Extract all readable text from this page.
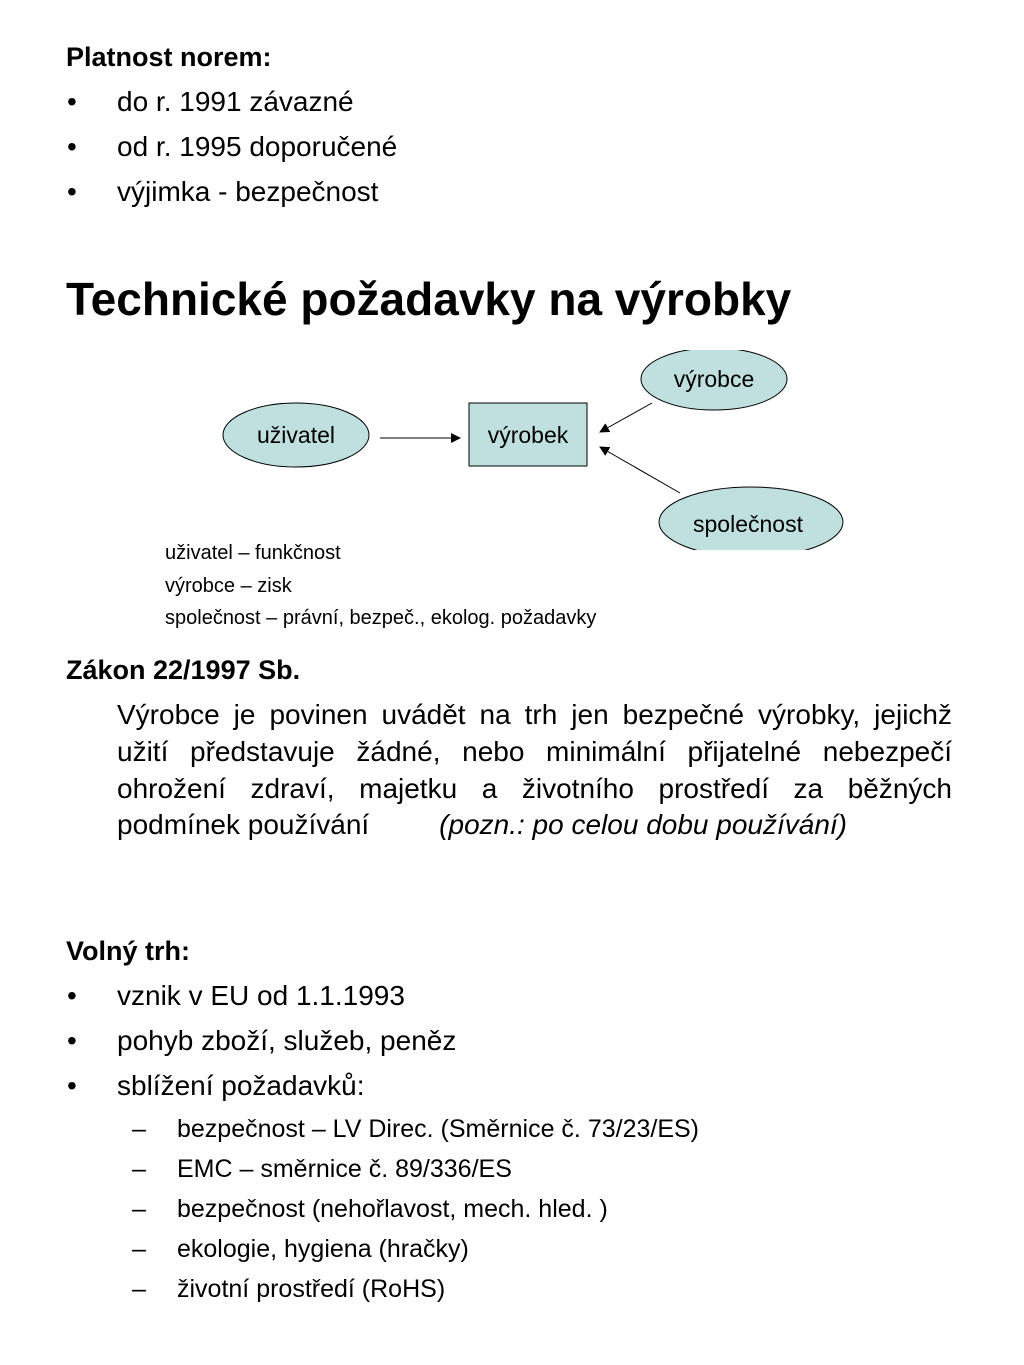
Platnost norem:
• do r. 1991 závazné
• od r. 1995 doporučené
• výjimka - bezpečnost
Technické požadavky na výrobky
uživatel	výrobek
výrobce
společnost
uživatel – funkčnost
výrobce – zisk
společnost – právní, bezpeč., ekolog. požadavky
Zákon 22/1997 Sb.
Výrobce je povinen uvádět na trh jen bezpečné výrobky, jejichž užití představuje žádné, nebo minimální přijatelné nebezpečí ohrožení zdraví, majetku a životního prostředí za běžných podmínek používání	(pozn.: po celou dobu používání)
Volný trh:
• vznik v EU od 1.1.1993
• pohyb zboží, služeb, peněz
• sblížení požadavků:
– bezpečnost – LV Direc. (Směrnice č. 73/23/ES)
– EMC – směrnice č. 89/336/ES
– bezpečnost (nehořlavost, mech. hled. )
– ekologie, hygiena (hračky)
– životní prostředí (RoHS)
